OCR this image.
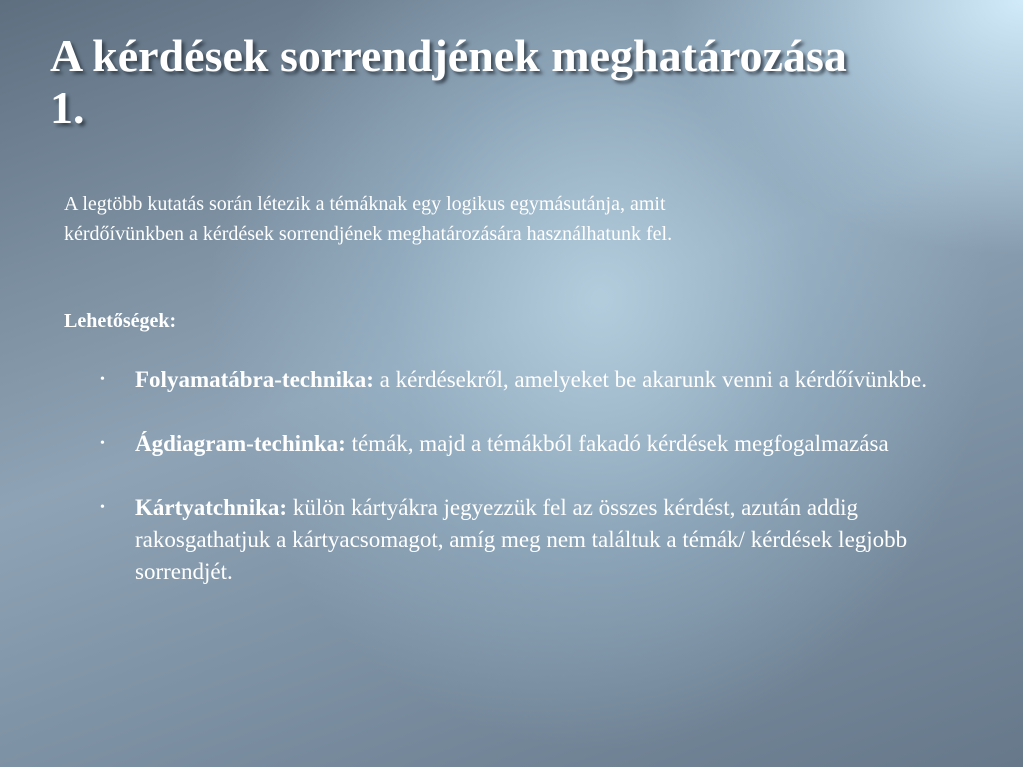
A kérdések sorrendjének meghatározása
1.

A legtöbb kutatás során létezik a témáknak egy logikus egymásutánja, amit kérdőívünkben a kérdések sorrendjének meghatározására használhatunk fel.

Lehetőségek:

• Folyamatábra-technika: a kérdésekről, amelyeket be akarunk venni a kérdőívünkbe.
• Ágdiagram-techinka: témák, majd a témákból fakadó kérdések megfogalmazása
• Kártyatchnika: külön kártyákra jegyezzük fel az összes kérdést, azután addig rakosgathatjuk a kártyacsomagot, amíg meg nem találtuk a témák/ kérdések legjobb sorrendjét.
